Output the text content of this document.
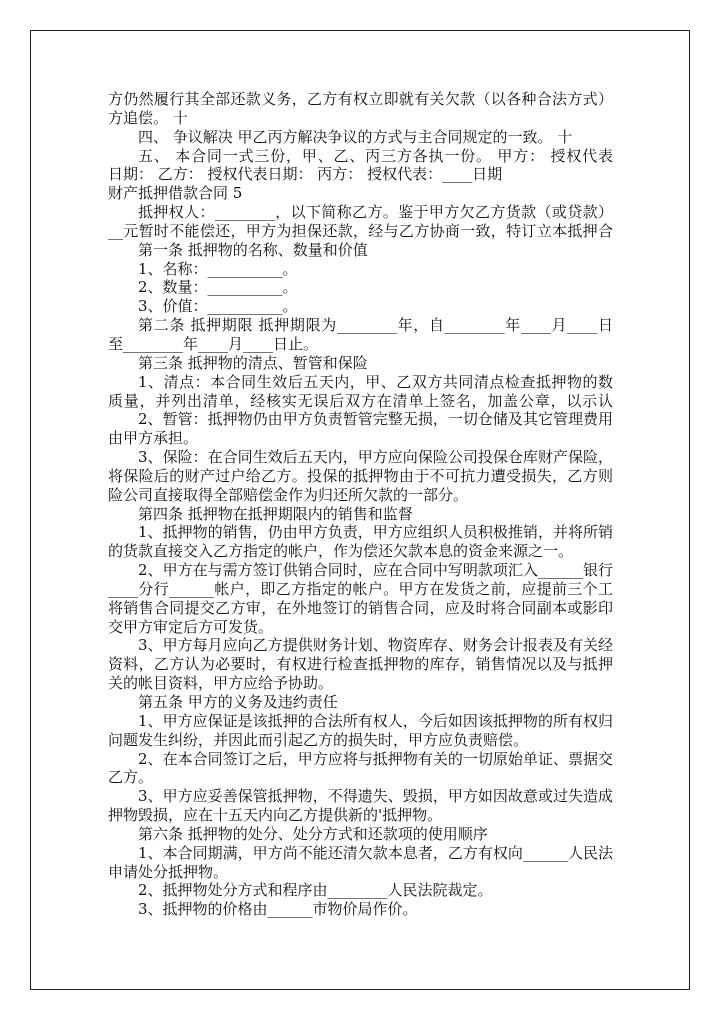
方仍然履行其全部还款义务，乙方有权立即就有关欠款（以各种合法方式）
方追偿。 十
四、 争议解决 甲乙丙方解决争议的方式与主合同规定的一致。 十
五、 本合同一式三份，甲、乙、丙三方各执一份。 甲方： 授权代表
日期： 乙方： 授权代表日期： 丙方： 授权代表：____日期
财产抵押借款合同 5
抵押权人：________，以下简称乙方。鉴于甲方欠乙方货款（或贷款）
__元暂时不能偿还，甲方为担保还款，经与乙方协商一致，特订立本抵押合
第一条 抵押物的名称、数量和价值
1、名称：__________。
2、数量：__________。
3、价值：__________。
第二条 抵押期限 抵押期限为________年，自________年____月____日
至________年____月____日止。
第三条 抵押物的清点、暂管和保险
1、清点：本合同生效后五天内，甲、乙双方共同清点检查抵押物的数
质量，并列出清单，经核实无误后双方在清单上签名，加盖公章，以示认
2、暂管：抵押物仍由甲方负责暂管完整无损，一切仓储及其它管理费用
由甲方承担。
3、保险：在合同生效后五天内，甲方应向保险公司投保仓库财产保险，
将保险后的财产过户给乙方。投保的抵押物由于不可抗力遭受损失，乙方则
险公司直接取得全部赔偿金作为归还所欠款的一部分。
第四条 抵押物在抵押期限内的销售和监督
1、抵押物的销售，仍由甲方负责，甲方应组织人员积极推销，并将所销
的货款直接交入乙方指定的帐户，作为偿还欠款本息的资金来源之一。
2、甲方在与需方签订供销合同时，应在合同中写明款项汇入______银行
____分行______帐户，即乙方指定的帐户。甲方在发货之前，应提前三个工
将销售合同提交乙方审，在外地签订的销售合同，应及时将合同副本或影印
交甲方审定后方可发货。
3、甲方每月应向乙方提供财务计划、物资库存、财务会计报表及有关经
资料，乙方认为必要时，有权进行检查抵押物的库存，销售情况以及与抵押
关的帐目资料，甲方应给予协助。
第五条 甲方的义务及违约责任
1、甲方应保证是该抵押的合法所有权人，今后如因该抵押物的所有权归
问题发生纠纷，并因此而引起乙方的损失时，甲方应负责赔偿。
2、在本合同签订之后，甲方应将与抵押物有关的一切原始单证、票据交
乙方。
3、甲方应妥善保管抵押物，不得遗失、毁损，甲方如因故意或过失造成
押物毁损，应在十五天内向乙方提供新的'抵押物。
第六条 抵押物的处分、处分方式和还款项的使用顺序
1、本合同期满，甲方尚不能还清欠款本息者，乙方有权向______人民法
申请处分抵押物。
2、抵押物处分方式和程序由________人民法院裁定。
3、抵押物的价格由______市物价局作价。
